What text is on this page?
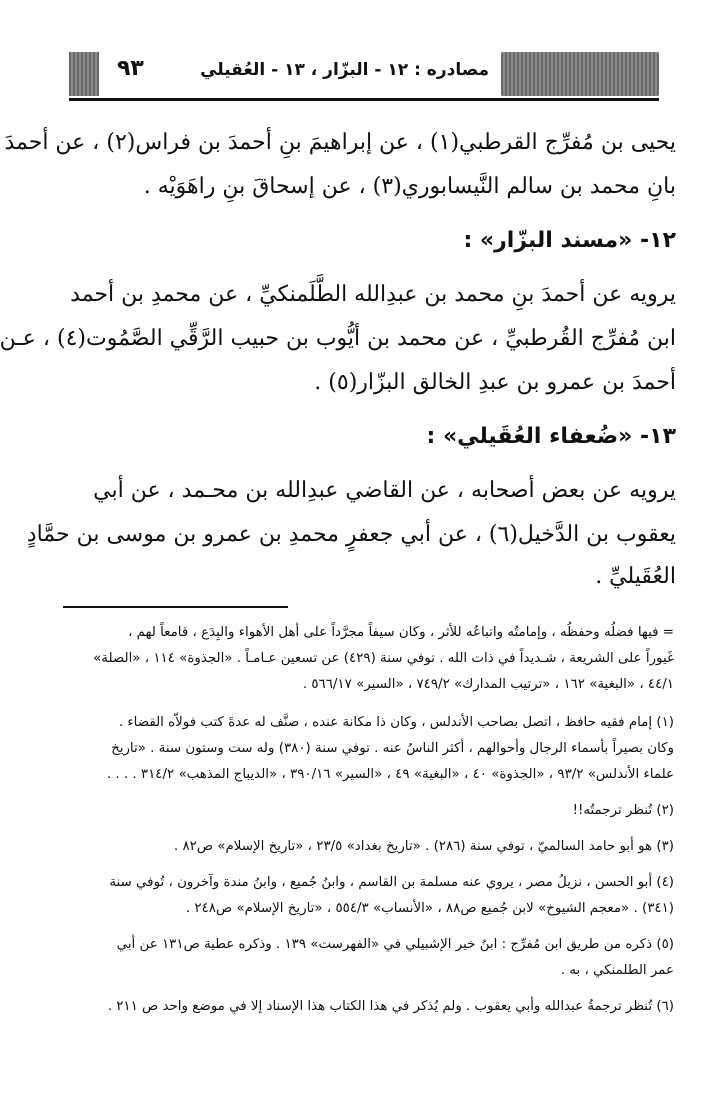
مصادره : ١٢ - البزّار ، ١٣ - العُقيلي
٩٣
يحيى بن مُفرِّج القرطبي(١) ، عن إبراهيمَ بنِ أحمدَ بن فراس(٢) ، عن أحمدَ
بانِ محمد بن سالم النَّيسابوري(٣) ، عن إسحاقَ بنِ راهَوَيْه .
١٢- «مسند البزّار» :
يرويه عن أحمدَ بنِ محمد بن عبدِالله الطَّلَمنكيِّ ، عن محمدِ بن أحمد
ابن مُفرِّج القُرطبيِّ ، عن محمد بن أيُّوب بن حبيب الرَّقِّي الصَّمُوت(٤) ، عـن
أحمدَ بن عمرو بن عبدِ الخالق البزّار(٥) .
١٣- «ضُعفاء العُقَيلي» :
يرويه عن بعض أصحابه ، عن القاضي عبدِالله بن محـمد ، عن أبي
يعقوب بن الدَّخيل(٦) ، عن أبي جعفرٍ محمدِ بن عمرو بن موسى بن حمَّادٍ
العُقَيليِّ .
= فيها فضلُه وحفظُه ، وإمامتُه واتباعُه للأثر ، وكان سيفاً مجرَّداً على أهل الأهواء والبِدَع ، قامعاً لهم ،
غَيوراً على الشريعة ، شـديداً في ذات الله . توفي سنة (٤٢٩) عن تسعين عـامـاً . «الجذوة» ١١٤ ، «الصلة»
٤٤/١ ، «البغية» ١٦٢ ، «ترتيب المدارك» ٧٤٩/٢ ، «السير» ٥٦٦/١٧ .
(١) إمام فقيه حافظ ، اتصل بصاحب الأندلس ، وكان ذا مكانة عنده ، صنَّف له عدةَ كتب فولاّه القضاء .
وكان بصيراً بأسماء الرجال وأحوالهم ، أكثر الناسُ عنه . توفي سنة (٣٨٠) وله ست وستون سنة . «تاريخ
علماء الأندلس» ٩٣/٢ ، «الجذوة» ٤٠ ، «البغية» ٤٩ ، «السير» ٣٩٠/١٦ ، «الديباج المذهب» ٣١٤/٢ . . . .
(٢) تُنظر ترجمتُه!!
(٣) هو أبو حامد السالميّ ، توفي سنة (٢٨٦) . «تاريخ بغداد» ٢٣/٥ ، «تاريخ الإسلام» ص٨٢ .
(٤) أبو الحسن ، نزيلُ مصر ، يروي عنه مسلمة بن القاسم ، وابنُ جُميع ، وابنُ مندة وآخرون ، تُوفي سنة
(٣٤١) . «معجم الشيوخ» لابن جُميع ص٨٨ ، «الأنساب» ٥٥٤/٣ ، «تاريخ الإسلام» ص٢٤٨ .
(٥) ذكره من طريق ابن مُفرِّج : ابنُ خير الإشبيلي في «الفهرست» ١٣٩ . وذكره عطية ص١٣١ عن أبي
عمر الطلمنكي ، به .
(٦) تُنظر ترجمةُ عبدالله وأبي يعقوب . ولم يُذكر في هذا الكتاب هذا الإسناد إلا في موضع واحد ص ٢١١ .
